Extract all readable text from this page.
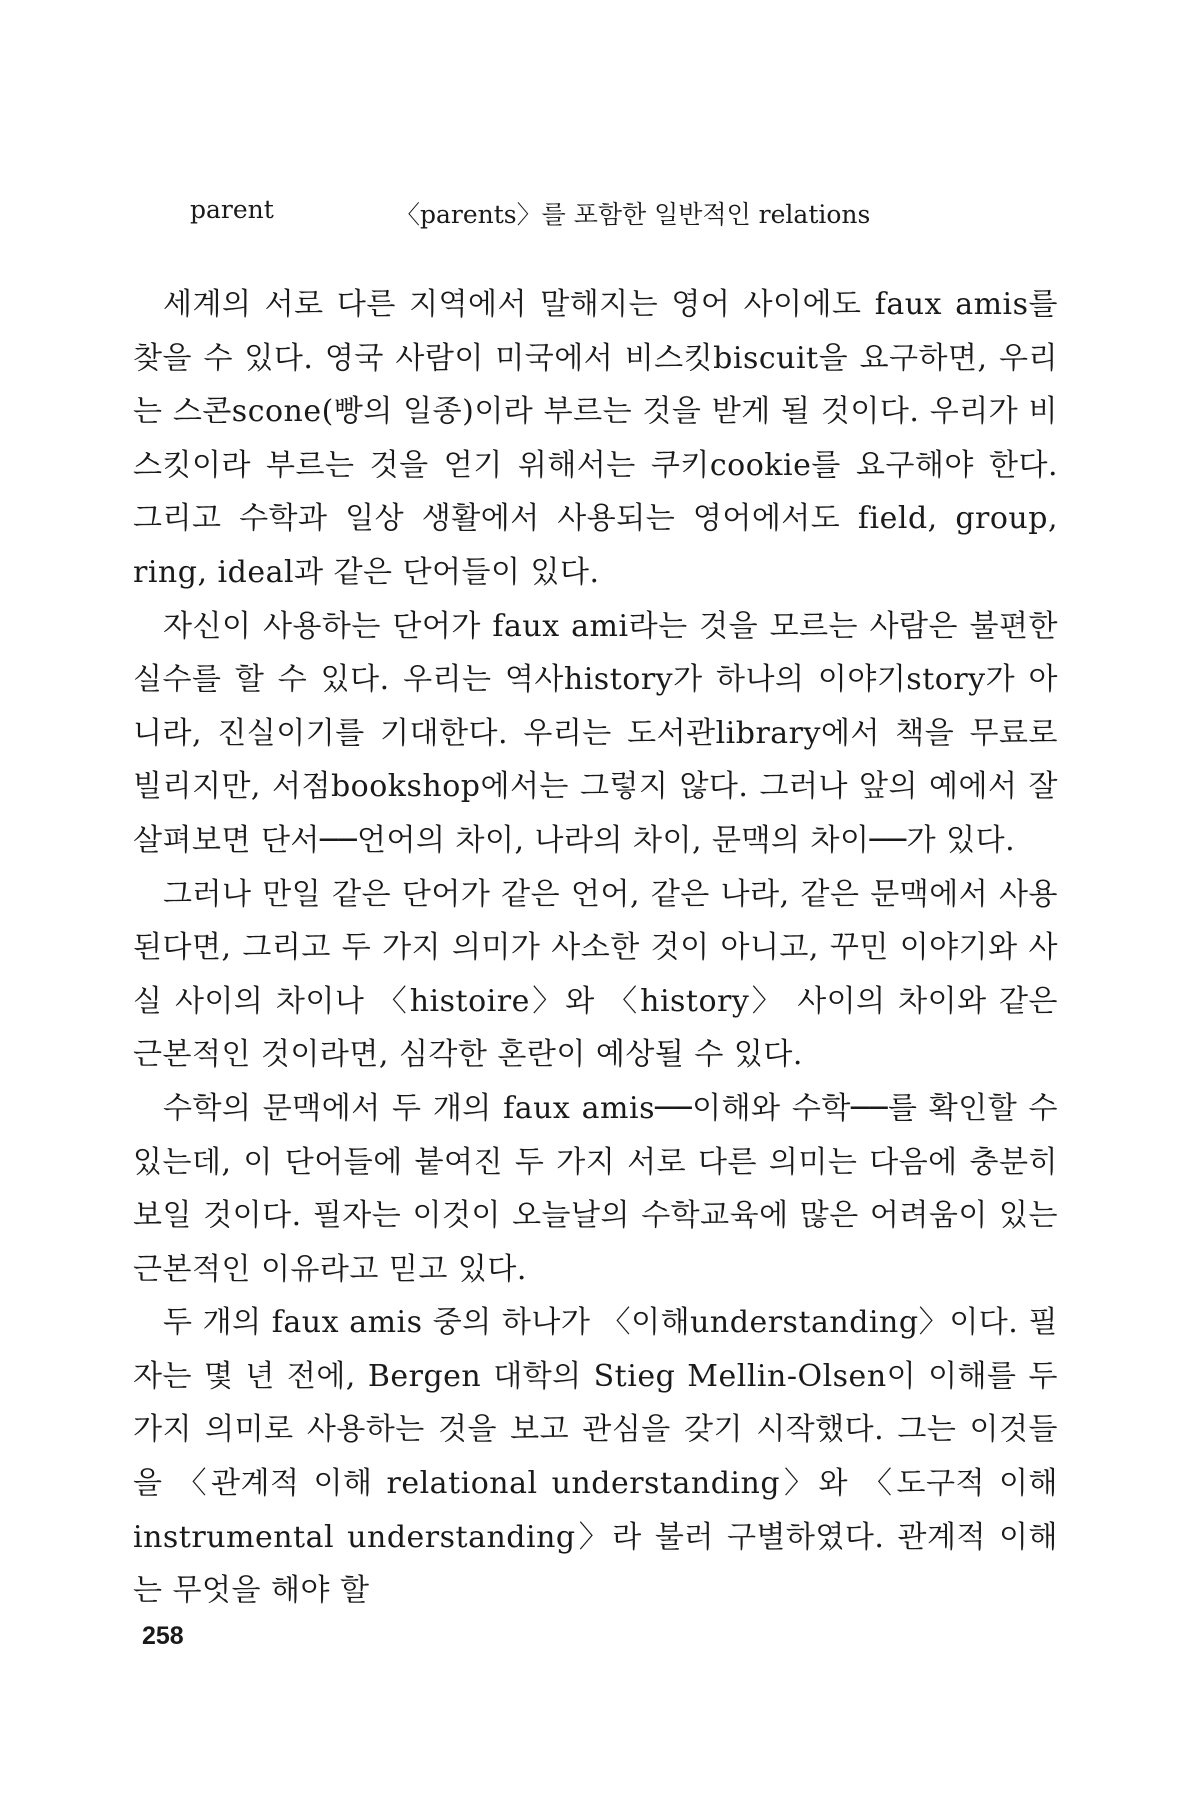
parent	〈parents〉를 포함한 일반적인 relations

세계의 서로 다른 지역에서 말해지는 영어 사이에도 faux amis를 찾을 수 있다. 영국 사람이 미국에서 비스킷biscuit을 요구하면, 우리는 스콘scone(빵의 일종)이라 부르는 것을 받게 될 것이다. 우리가 비스킷이라 부르는 것을 얻기 위해서는 쿠키cookie를 요구해야 한다. 그리고 수학과 일상 생활에서 사용되는 영어에서도 field, group, ring, ideal과 같은 단어들이 있다.

자신이 사용하는 단어가 faux ami라는 것을 모르는 사람은 불편한 실수를 할 수 있다. 우리는 역사history가 하나의 이야기story가 아니라, 진실이기를 기대한다. 우리는 도서관library에서 책을 무료로 빌리지만, 서점bookshop에서는 그렇지 않다. 그러나 앞의 예에서 잘 살펴보면 단서──언어의 차이, 나라의 차이, 문맥의 차이──가 있다.

그러나 만일 같은 단어가 같은 언어, 같은 나라, 같은 문맥에서 사용된다면, 그리고 두 가지 의미가 사소한 것이 아니고, 꾸민 이야기와 사실 사이의 차이나 〈histoire〉와 〈history〉 사이의 차이와 같은 근본적인 것이라면, 심각한 혼란이 예상될 수 있다.

수학의 문맥에서 두 개의 faux amis──이해와 수학──를 확인할 수 있는데, 이 단어들에 붙여진 두 가지 서로 다른 의미는 다음에 충분히 보일 것이다. 필자는 이것이 오늘날의 수학교육에 많은 어려움이 있는 근본적인 이유라고 믿고 있다.

두 개의 faux amis 중의 하나가 〈이해understanding〉이다. 필자는 몇 년 전에, Bergen 대학의 Stieg Mellin-Olsen이 이해를 두 가지 의미로 사용하는 것을 보고 관심을 갖기 시작했다. 그는 이것들을 〈관계적 이해 relational understanding〉와 〈도구적 이해 instrumental understanding〉라 불러 구별하였다. 관계적 이해는 무엇을 해야 할

258
